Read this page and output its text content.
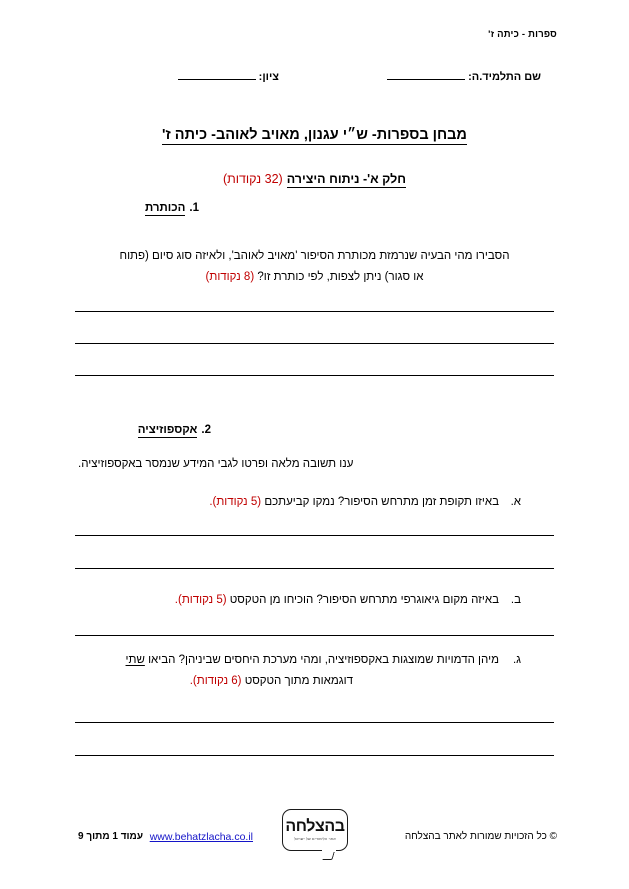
ספרות - כיתה ז'
שם התלמיד.ה:
ציון:
מבחן בספרות- ש״י עגנון, מאויב לאוהב- כיתה ז'
חלק א'- ניתוח היצירה(32 נקודות)
1.הכותרת
הסבירו מהי הבעיה שנרמזת מכותרת הסיפור 'מאויב לאוהב', ולאיזה סוג סיום (פתוח
או סגור) ניתן לצפות, לפי כותרת זו? (8 נקודות)
2.אקספוזיציה
ענו תשובה מלאה ופרטו לגבי המידע שנמסר באקספוזיציה.
א.באיזו תקופת זמן מתרחש הסיפור? נמקו קביעתכם (5 נקודות).
ב.באיזה מקום גיאוגרפי מתרחש הסיפור? הוכיחו מן הטקסט (5 נקודות).
ג.מיהן הדמויות שמוצגות באקספוזיציה, ומהי מערכת היחסים שביניהן? הביאו שתי
דוגמאות מתוך הטקסט (6 נקודות).
© כל הזכויות שמורות לאתר בהצלחה
בהצלחה
אתר הלימודים של ישראל
www.behatzlacha.co.il
עמוד 1 מתוך 9
